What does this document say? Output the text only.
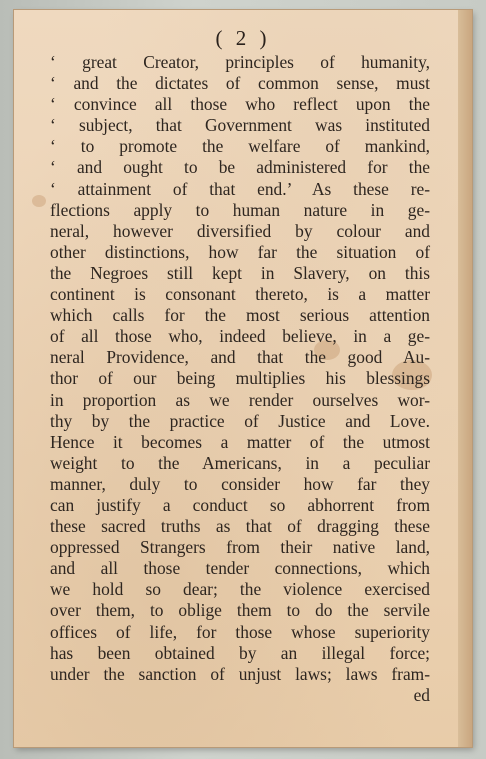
( 2 )
‘ great Creator, principles of humanity,
‘ and the dictates of common sense, must
‘ convince all those who reflect upon the
‘ subject, that Government was instituted
‘ to promote the welfare of mankind,
‘ and ought to be administered for the
‘ attainment of that end.’ As these re-
flections apply to human nature in ge-
neral, however diversified by colour and
other distinctions, how far the situation of
the Negroes still kept in Slavery, on this
continent is consonant thereto, is a matter
which calls for the most serious attention
of all those who, indeed believe, in a ge-
neral Providence, and that the good Au-
thor of our being multiplies his blessings
in proportion as we render ourselves wor-
thy by the practice of Justice and Love.
Hence it becomes a matter of the utmost
weight to the Americans, in a peculiar
manner, duly to consider how far they
can justify a conduct so abhorrent from
these sacred truths as that of dragging these
oppressed Strangers from their native land,
and all those tender connections, which
we hold so dear; the violence exercised
over them, to oblige them to do the servile
offices of life, for those whose superiority
has been obtained by an illegal force;
under the sanction of unjust laws; laws fram-
ed
